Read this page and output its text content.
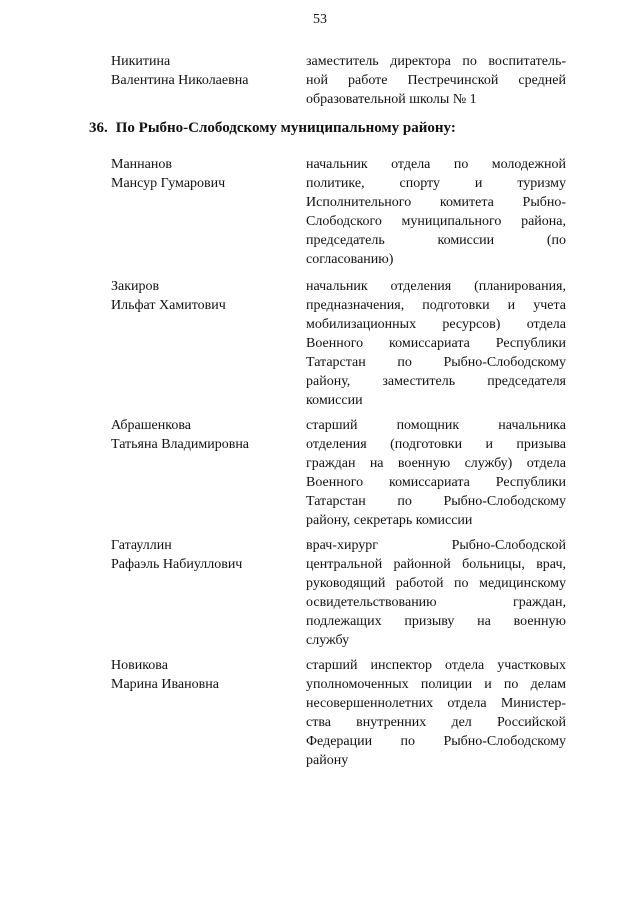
53
Никитина
Валентина Николаевна
заместитель директора по воспитатель-
ной работе Пестречинской средней
образовательной школы № 1
36. По Рыбно-Слободскому муниципальному району:
Маннанов
Мансур Гумарович
начальник отдела по молодежной
политике, спорту и туризму
Исполнительного комитета Рыбно-
Слободского муниципального района,
председатель комиссии (по
согласованию)
Закиров
Ильфат Хамитович
начальник отделения (планирования,
предназначения, подготовки и учета
мобилизационных ресурсов) отдела
Военного комиссариата Республики
Татарстан по Рыбно-Слободскому
району, заместитель председателя
комиссии
Абрашенкова
Татьяна Владимировна
старший помощник начальника
отделения (подготовки и призыва
граждан на военную службу) отдела
Военного комиссариата Республики
Татарстан по Рыбно-Слободскому
району, секретарь комиссии
Гатауллин
Рафаэль Набиуллович
врач-хирург Рыбно-Слободской
центральной районной больницы, врач,
руководящий работой по медицинскому
освидетельствованию граждан,
подлежащих призыву на военную
службу
Новикова
Марина Ивановна
старший инспектор отдела участковых
уполномоченных полиции и по делам
несовершеннолетних отдела Министер-
ства внутренних дел Российской
Федерации по Рыбно-Слободскому
району
